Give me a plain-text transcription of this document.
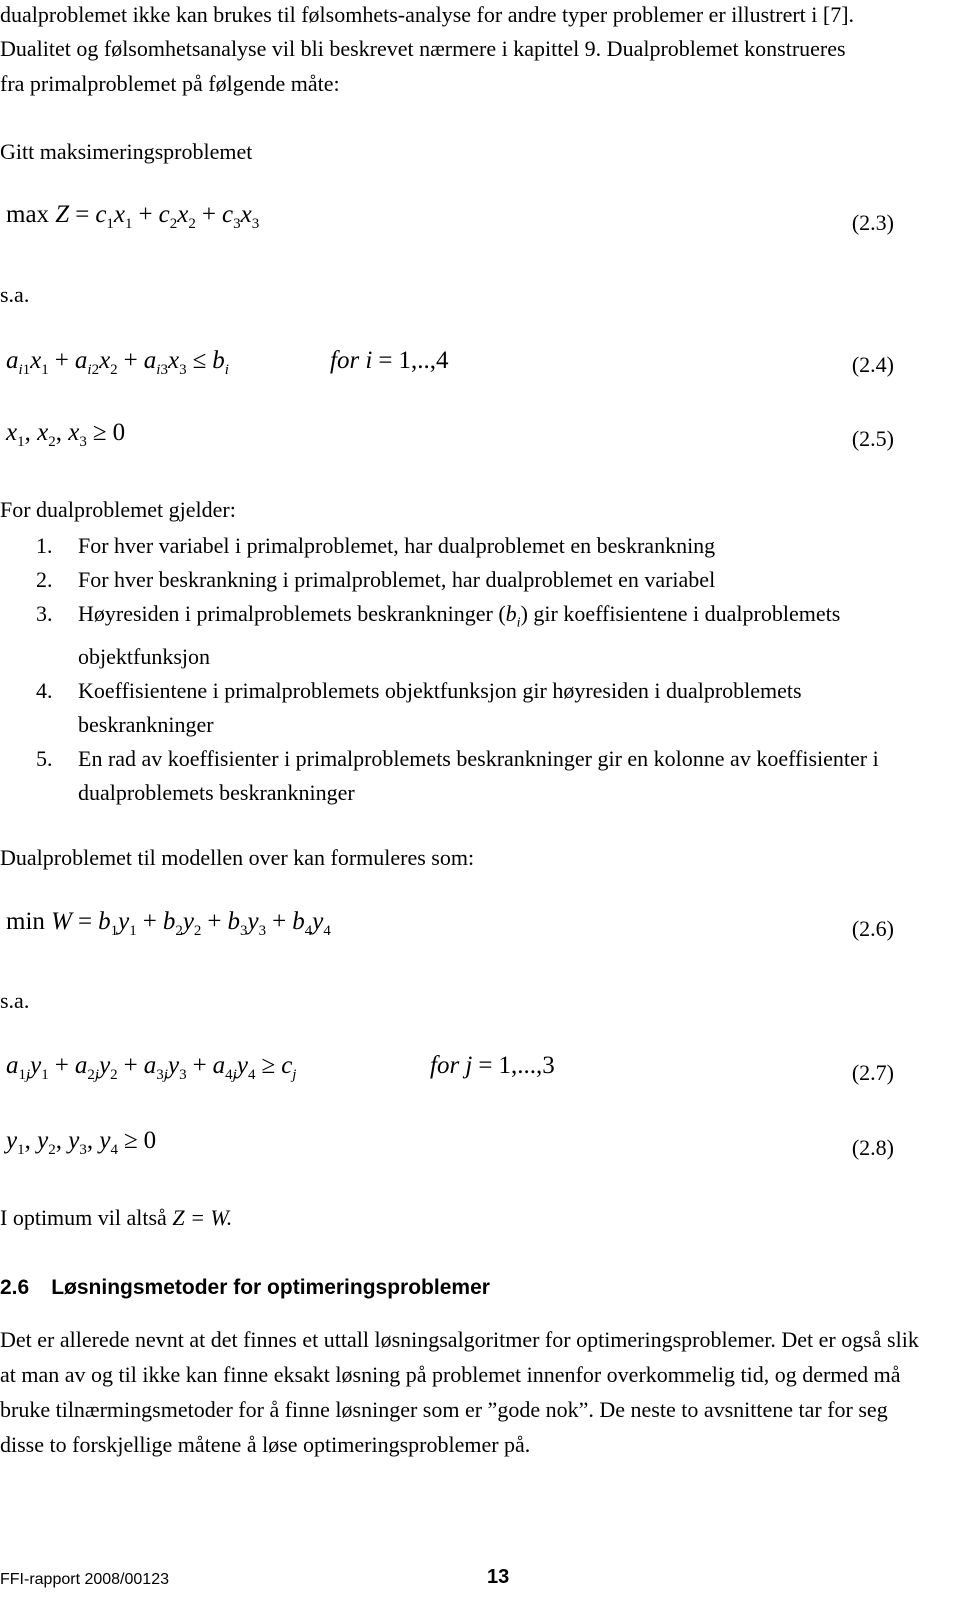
dualproblemet ikke kan brukes til følsomhets-analyse for andre typer problemer er illustrert i [7].
Dualitet og følsomhetsanalyse vil bli beskrevet nærmere i kapittel 9. Dualproblemet konstrueres
fra primalproblemet på følgende måte:
Gitt maksimeringsproblemet
$\max Z = c_1x_1 + c_2x_2 + c_3x_3$	(2.3)
s.a.
$a_{i1}x_1 + a_{i2}x_2 + a_{i3}x_3 \le b_i$	for i = 1,..,4	(2.4)
$x_1$, $x_2$, $x_3 \ge 0$	(2.5)
For dualproblemet gjelder:
1. For hver variabel i primalproblemet, har dualproblemet en beskrankning
2. For hver beskrankning i primalproblemet, har dualproblemet en variabel
3. Høyresiden i primalproblemets beskrankninger $(b_i)$ gir koeffisientene i dualproblemets objektfunksjon
4. Koeffisientene i primalproblemets objektfunksjon gir høyresiden i dualproblemets beskrankninger
5. En rad av koeffisienter i primalproblemets beskrankninger gir en kolonne av koeffisienter i dualproblemets beskrankninger
Dualproblemet til modellen over kan formuleres som:
$\min W = b_1y_1 + b_2y_2 + b_3y_3 + b_4y_4$	(2.6)
s.a.
$a_{1j}y_1 + a_{2j}y_2 + a_{3j}y_3 + a_{4j}y_4 \ge c_j$	for j = 1,...,3	(2.7)
$y_1$, $y_2$, $y_3$, $y_4 \ge 0$	(2.8)
I optimum vil altså Z = W.
2.6 Løsningsmetoder for optimeringsproblemer
Det er allerede nevnt at det finnes et uttall løsningsalgoritmer for optimeringsproblemer. Det er også slik at man av og til ikke kan finne eksakt løsning på problemet innenfor overkommelig tid, og dermed må bruke tilnærmingsmetoder for å finne løsninger som er ”gode nok”. De neste to avsnittene tar for seg disse to forskjellige måtene å løse optimeringsproblemer på.
FFI-rapport 2008/00123	13
